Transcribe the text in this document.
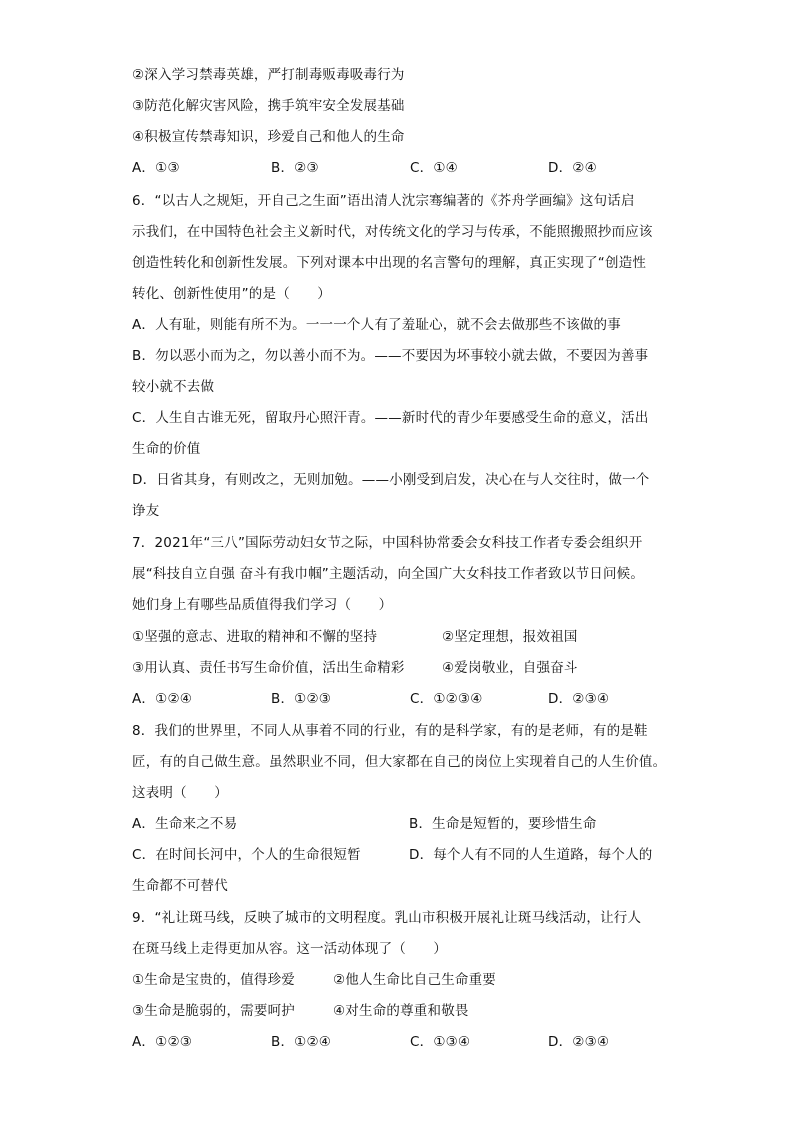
②深入学习禁毒英雄，严打制毒贩毒吸毒行为
③防范化解灾害风险，携手筑牢安全发展基础
④积极宣传禁毒知识，珍爱自己和他人的生命
A．①③	B．②③	C．①④	D．②④
6．“以古人之规矩，开自己之生面”语出清人沈宗骞编著的《芥舟学画编》这句话启
示我们，在中国特色社会主义新时代，对传统文化的学习与传承，不能照搬照抄而应该
创造性转化和创新性发展。下列对课本中出现的名言警句的理解，真正实现了“创造性
转化、创新性使用”的是（　　）
A．人有耻，则能有所不为。一一一个人有了羞耻心，就不会去做那些不该做的事
B．勿以恶小而为之，勿以善小而不为。——不要因为坏事较小就去做，不要因为善事
较小就不去做
C．人生自古谁无死，留取丹心照汗青。——新时代的青少年要感受生命的意义，活出
生命的价值
D．日省其身，有则改之，无则加勉。——小刚受到启发，决心在与人交往时，做一个
诤友
7．2021年“三八”国际劳动妇女节之际，中国科协常委会女科技工作者专委会组织开
展“科技自立自强 奋斗有我巾帼”主题活动，向全国广大女科技工作者致以节日问候。
她们身上有哪些品质值得我们学习（　　）
①坚强的意志、进取的精神和不懈的坚持	②坚定理想，报效祖国
③用认真、责任书写生命价值，活出生命精彩	④爱岗敬业，自强奋斗
A．①②④	B．①②③	C．①②③④	D．②③④
8．我们的世界里，不同人从事着不同的行业，有的是科学家，有的是老师，有的是鞋
匠，有的自己做生意。虽然职业不同，但大家都在自己的岗位上实现着自己的人生价值。
这表明（　　）
A．生命来之不易	B．生命是短暂的，要珍惜生命
C．在时间长河中，个人的生命很短暂	D．每个人有不同的人生道路，每个人的
生命都不可替代
9．“礼让斑马线，反映了城市的文明程度。乳山市积极开展礼让斑马线活动，让行人
在斑马线上走得更加从容。这一活动体现了（　　）
①生命是宝贵的，值得珍爱	②他人生命比自己生命重要
③生命是脆弱的，需要呵护	④对生命的尊重和敬畏
A．①②③	B．①②④	C．①③④	D．②③④
